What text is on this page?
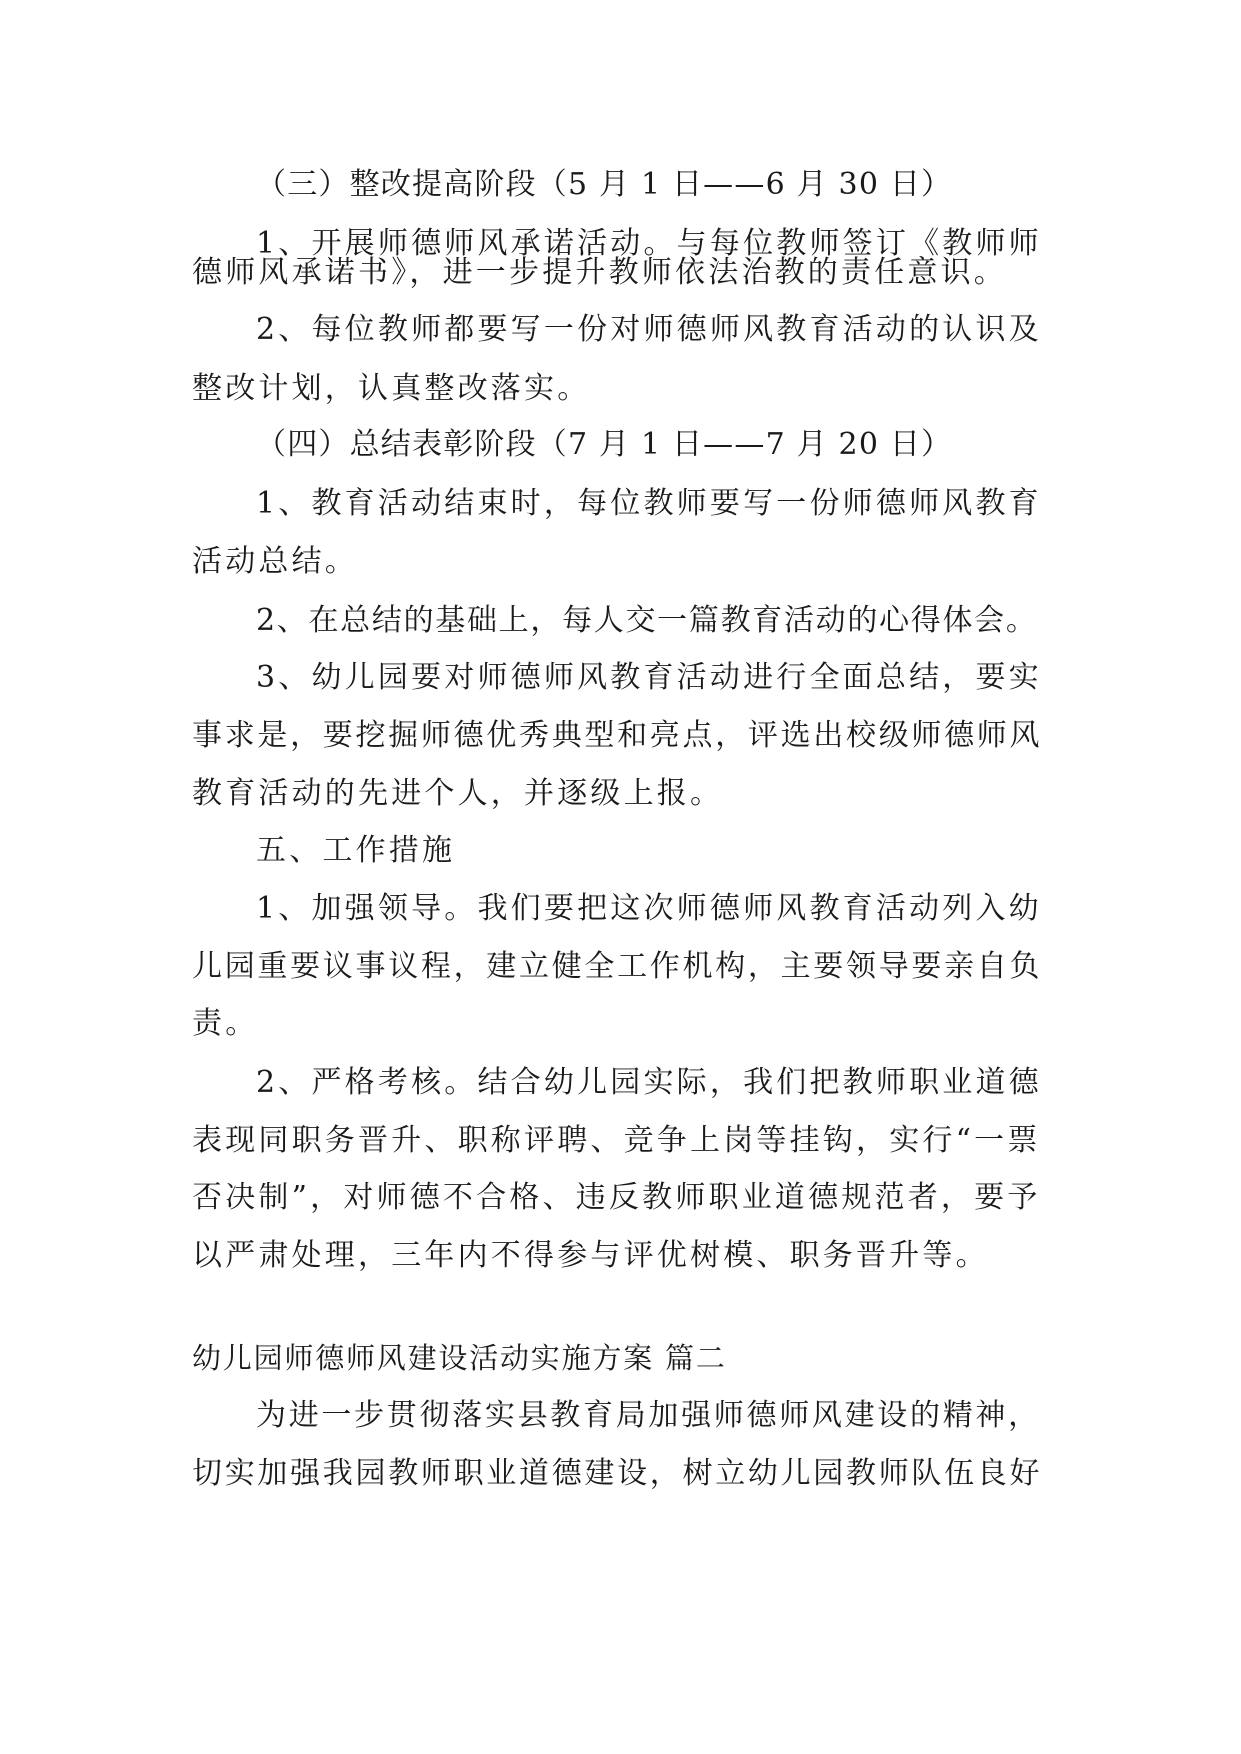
（三）整改提高阶段（5 月 1 日——6 月 30 日）
1、开展师德师风承诺活动。与每位教师签订《教师师
德师风承诺书》，进一步提升教师依法治教的责任意识。
2、每位教师都要写一份对师德师风教育活动的认识及
整改计划，认真整改落实。
（四）总结表彰阶段（7 月 1 日——7 月 20 日）
1、教育活动结束时，每位教师要写一份师德师风教育
活动总结。
2、在总结的基础上，每人交一篇教育活动的心得体会。
3、幼儿园要对师德师风教育活动进行全面总结，要实
事求是，要挖掘师德优秀典型和亮点，评选出校级师德师风
教育活动的先进个人，并逐级上报。
五、工作措施
1、加强领导。我们要把这次师德师风教育活动列入幼
儿园重要议事议程，建立健全工作机构，主要领导要亲自负
责。
2、严格考核。结合幼儿园实际，我们把教师职业道德
表现同职务晋升、职称评聘、竞争上岗等挂钩，实行“一票
否决制”，对师德不合格、违反教师职业道德规范者，要予
以严肃处理，三年内不得参与评优树模、职务晋升等。
幼儿园师德师风建设活动实施方案 篇二
为进一步贯彻落实县教育局加强师德师风建设的精神，
切实加强我园教师职业道德建设，树立幼儿园教师队伍良好
